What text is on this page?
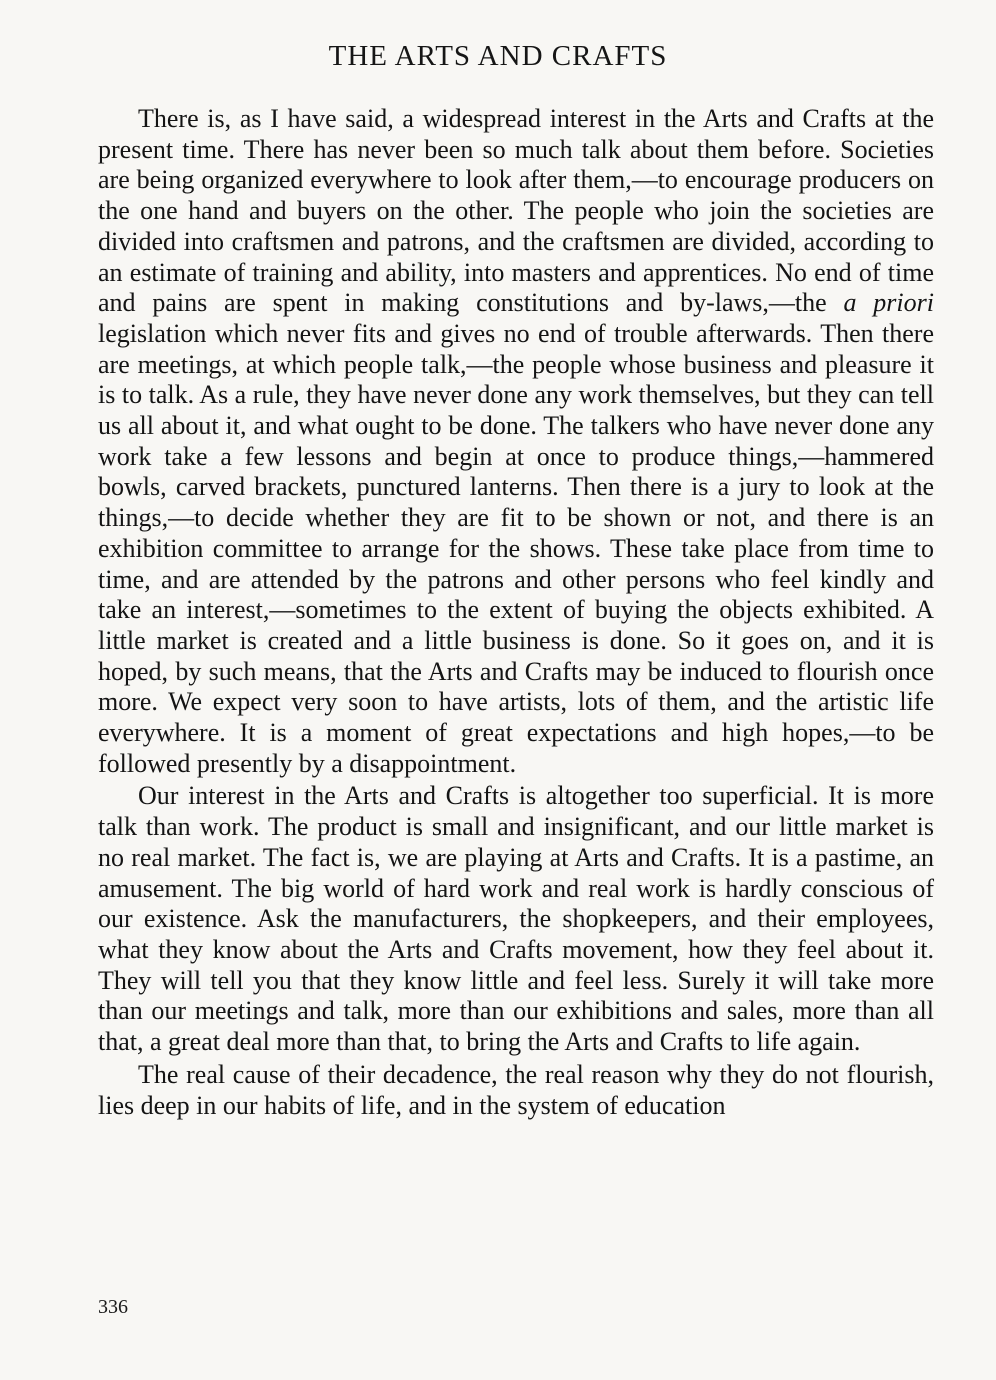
THE ARTS AND CRAFTS

There is, as I have said, a widespread interest in the Arts and Crafts at the present time. There has never been so much talk about them before. Societies are being organized everywhere to look after them,—to encourage producers on the one hand and buyers on the other. The people who join the societies are divided into craftsmen and patrons, and the craftsmen are divided, according to an estimate of training and ability, into masters and apprentices. No end of time and pains are spent in making constitutions and by-laws,—the a priori legislation which never fits and gives no end of trouble afterwards. Then there are meetings, at which people talk,—the people whose business and pleasure it is to talk. As a rule, they have never done any work themselves, but they can tell us all about it, and what ought to be done. The talkers who have never done any work take a few lessons and begin at once to produce things,—hammered bowls, carved brackets, punctured lanterns. Then there is a jury to look at the things,—to decide whether they are fit to be shown or not, and there is an exhibition committee to arrange for the shows. These take place from time to time, and are attended by the patrons and other persons who feel kindly and take an interest,—sometimes to the extent of buying the objects exhibited. A little market is created and a little business is done. So it goes on, and it is hoped, by such means, that the Arts and Crafts may be induced to flourish once more. We expect very soon to have artists, lots of them, and the artistic life everywhere. It is a moment of great expectations and high hopes,—to be followed presently by a disappointment.

Our interest in the Arts and Crafts is altogether too superficial. It is more talk than work. The product is small and insignificant, and our little market is no real market. The fact is, we are playing at Arts and Crafts. It is a pastime, an amusement. The big world of hard work and real work is hardly conscious of our existence. Ask the manufacturers, the shopkeepers, and their employees, what they know about the Arts and Crafts movement, how they feel about it. They will tell you that they know little and feel less. Surely it will take more than our meetings and talk, more than our exhibitions and sales, more than all that, a great deal more than that, to bring the Arts and Crafts to life again.

The real cause of their decadence, the real reason why they do not flourish, lies deep in our habits of life, and in the system of education

336
